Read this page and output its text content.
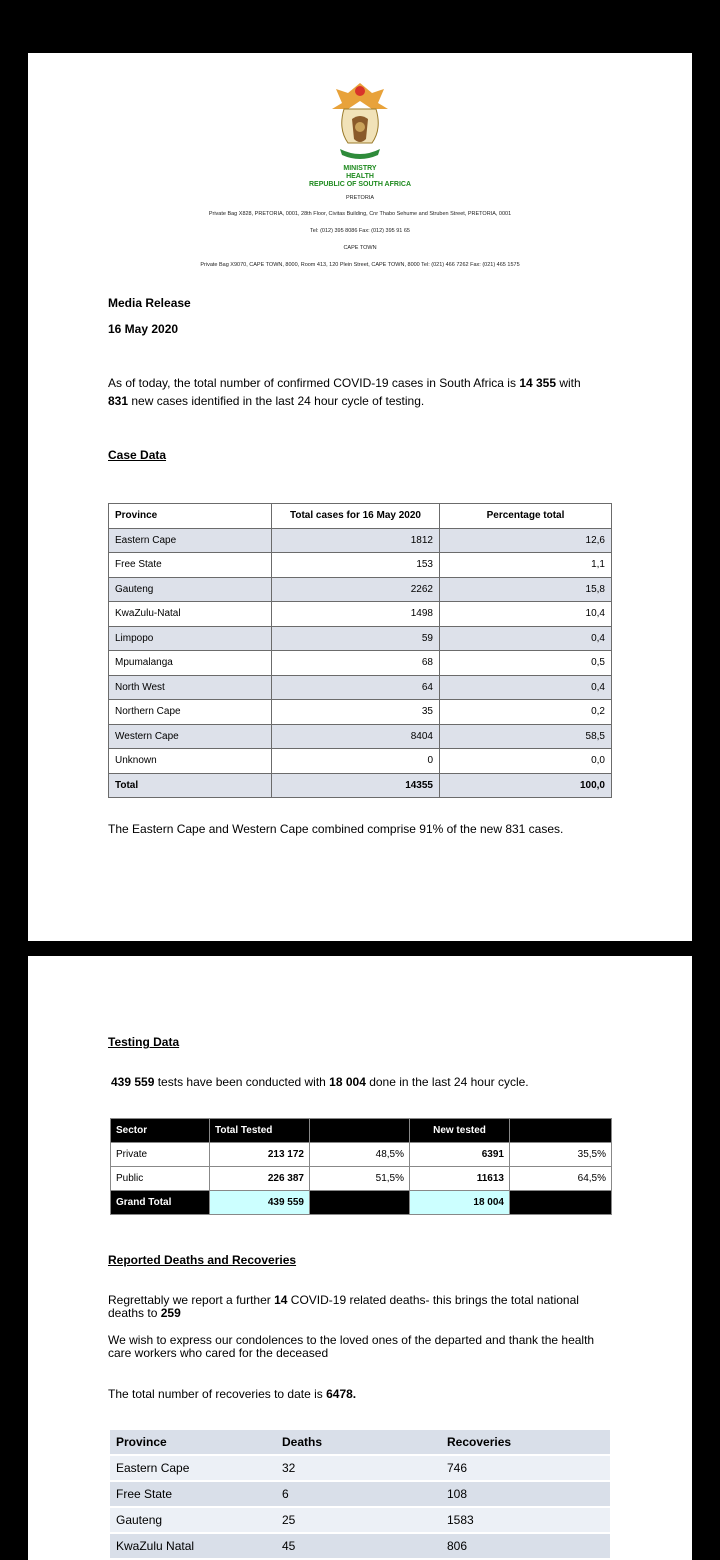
MINISTRY
HEALTH
REPUBLIC OF SOUTH AFRICA
PRETORIA
Private Bag X828, PRETORIA, 0001, 28th Floor, Civitas Building, Cnr Thabo Sehume and Struben Street, PRETORIA, 0001
Tel: (012) 395 8086 Fax: (012) 395 91 65
CAPE TOWN
Private Bag X9070, CAPE TOWN, 8000, Room 413, 120 Plein Street, CAPE TOWN, 8000 Tel: (021) 466 7262 Fax: (021) 465 1575
Media Release
16 May 2020
As of today, the total number of confirmed COVID-19 cases in South Africa is 14 355 with
831 new cases identified in the last 24 hour cycle of testing.
Case Data
Province	Total cases for 16 May 2020	Percentage total
Eastern Cape	1812	12,6
Free State	153	1,1
Gauteng	2262	15,8
KwaZulu-Natal	1498	10,4
Limpopo	59	0,4
Mpumalanga	68	0,5
North West	64	0,4
Northern Cape	35	0,2
Western Cape	8404	58,5
Unknown	0	0,0
Total	14355	100,0
The Eastern Cape and Western Cape combined comprise 91% of the new 831 cases.
Testing Data
439 559 tests have been conducted with 18 004 done in the last 24 hour cycle.
Sector	Total Tested		New tested	
Private	213 172	48,5%	6391	35,5%
Public	226 387	51,5%	11613	64,5%
Grand Total	439 559		18 004	
Reported Deaths and Recoveries
Regrettably we report a further 14 COVID-19 related deaths- this brings the total national
deaths to 259
We wish to express our condolences to the loved ones of the departed and thank the health care workers who cared for the deceased
The total number of recoveries to date is 6478.
Province	Deaths	Recoveries
Eastern Cape	32	746
Free State	6	108
Gauteng	25	1583
KwaZulu Natal	45	806
